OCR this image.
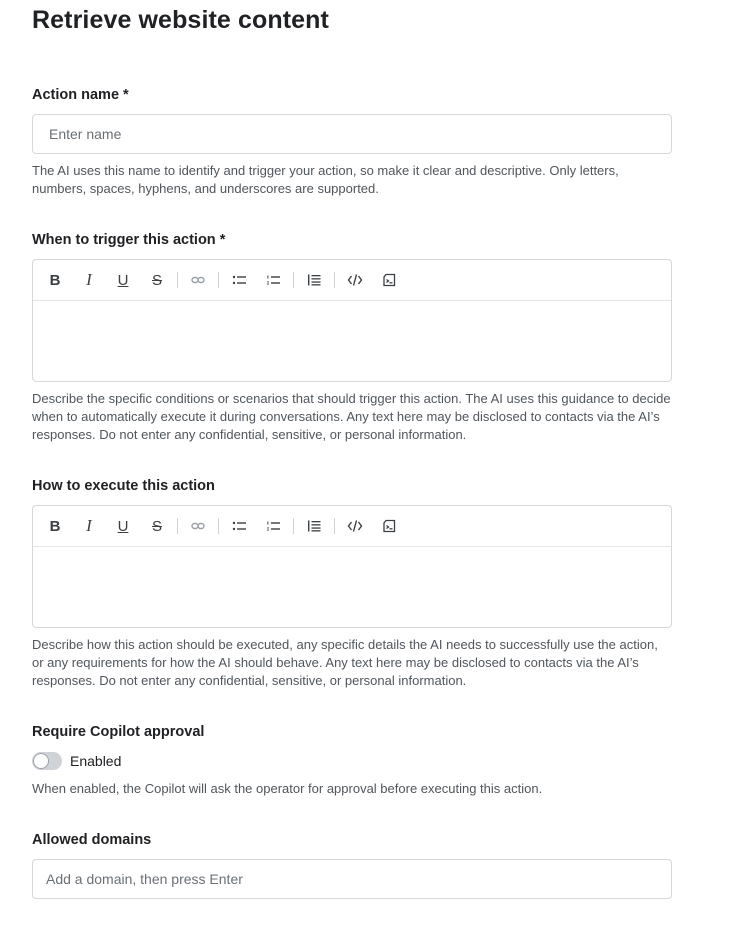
Retrieve website content
Action name *
Enter name

The AI uses this name to identify and trigger your action, so make it clear and descriptive. Only letters, numbers, spaces, hyphens, and underscores are supported.

When to trigger this action *
B I U S

Describe the specific conditions or scenarios that should trigger this action. The AI uses this guidance to decide when to automatically execute it during conversations. Any text here may be disclosed to contacts via the AI’s responses. Do not enter any confidential, sensitive, or personal information.

How to execute this action
B I U S

Describe how this action should be executed, any specific details the AI needs to successfully use the action, or any requirements for how the AI should behave. Any text here may be disclosed to contacts via the AI’s responses. Do not enter any confidential, sensitive, or personal information.

Require Copilot approval
Enabled

When enabled, the Copilot will ask the operator for approval before executing this action.

Allowed domains
Add a domain, then press Enter
